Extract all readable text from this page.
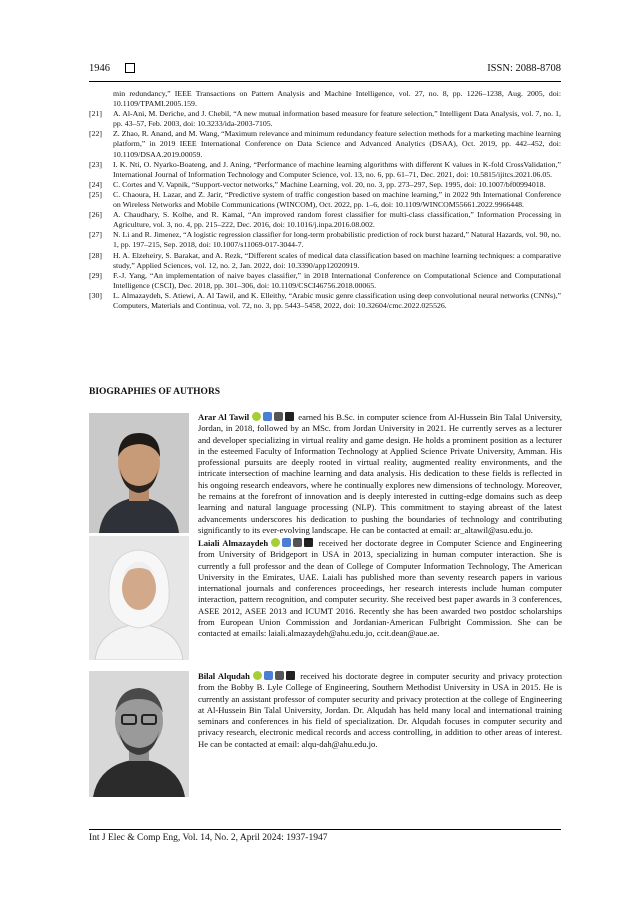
1946	ISSN: 2088-8708
min redundancy,” IEEE Transactions on Pattern Analysis and Machine Intelligence, vol. 27, no. 8, pp. 1226–1238, Aug. 2005, doi: 10.1109/TPAMI.2005.159.
[21] A. Al-Ani, M. Deriche, and J. Chebil, “A new mutual information based measure for feature selection,” Intelligent Data Analysis, vol. 7, no. 1, pp. 43–57, Feb. 2003, doi: 10.3233/ida-2003-7105.
[22] Z. Zhao, R. Anand, and M. Wang, “Maximum relevance and minimum redundancy feature selection methods for a marketing machine learning platform,” in 2019 IEEE International Conference on Data Science and Advanced Analytics (DSAA), Oct. 2019, pp. 442–452, doi: 10.1109/DSAA.2019.00059.
[23] I. K. Nti, O. Nyarko-Boateng, and J. Aning, “Performance of machine learning algorithms with different K values in K-fold CrossValidation,” International Journal of Information Technology and Computer Science, vol. 13, no. 6, pp. 61–71, Dec. 2021, doi: 10.5815/ijitcs.2021.06.05.
[24] C. Cortes and V. Vapnik, “Support-vector networks,” Machine Learning, vol. 20, no. 3, pp. 273–297, Sep. 1995, doi: 10.1007/bf00994018.
[25] C. Chaoura, H. Lazar, and Z. Jarir, “Predictive system of traffic congestion based on machine learning,” in 2022 9th International Conference on Wireless Networks and Mobile Communications (WINCOM), Oct. 2022, pp. 1–6, doi: 10.1109/WINCOM55661.2022.9966448.
[26] A. Chaudhary, S. Kolhe, and R. Kamal, “An improved random forest classifier for multi-class classification,” Information Processing in Agriculture, vol. 3, no. 4, pp. 215–222, Dec. 2016, doi: 10.1016/j.inpa.2016.08.002.
[27] N. Li and R. Jimenez, “A logistic regression classifier for long-term probabilistic prediction of rock burst hazard,” Natural Hazards, vol. 90, no. 1, pp. 197–215, Sep. 2018, doi: 10.1007/s11069-017-3044-7.
[28] H. A. Elzeheiry, S. Barakat, and A. Rezk, “Different scales of medical data classification based on machine learning techniques: a comparative study,” Applied Sciences, vol. 12, no. 2, Jan. 2022, doi: 10.3390/app12020919.
[29] F.-J. Yang, “An implementation of naive bayes classifier,” in 2018 International Conference on Computational Science and Computational Intelligence (CSCI), Dec. 2018, pp. 301–306, doi: 10.1109/CSCI46756.2018.00065.
[30] L. Almazaydeh, S. Atiewi, A. Al Tawil, and K. Elleithy, “Arabic music genre classification using deep convolutional neural networks (CNNs),” Computers, Materials and Continua, vol. 72, no. 3, pp. 5443–5458, 2022, doi: 10.32604/cmc.2022.025526.
BIOGRAPHIES OF AUTHORS
Arar Al Tawil	earned his B.Sc. in computer science from Al-Hussein Bin Talal University, Jordan, in 2018, followed by an MSc. from Jordan University in 2021. He currently serves as a lecturer and developer specializing in virtual reality and game design. He holds a prominent position as a lecturer in the esteemed Faculty of Information Technology at Applied Science Private University, Amman. His professional pursuits are deeply rooted in virtual reality, augmented reality environments, and the intricate intersection of machine learning and data analysis. His dedication to these fields is reflected in his ongoing research endeavors, where he continually explores new dimensions of technology. Moreover, he remains at the forefront of innovation and is deeply interested in cutting-edge domains such as deep learning and natural language processing (NLP). This commitment to staying abreast of the latest advancements underscores his dedication to pushing the boundaries of technology and contributing significantly to its ever-evolving landscape. He can be contacted at email: ar_altawil@asu.edu.jo.
Laiali Almazaydeh	received her doctorate degree in Computer Science and Engineering from University of Bridgeport in USA in 2013, specializing in human computer interaction. She is currently a full professor and the dean of College of Computer Information Technology, The American University in the Emirates, UAE. Laiali has published more than seventy research papers in various international journals and conferences proceedings, her research interests include human computer interaction, pattern recognition, and computer security. She received best paper awards in 3 conferences, ASEE 2012, ASEE 2013 and ICUMT 2016. Recently she has been awarded two postdoc scholarships from European Union Commission and Jordanian-American Fulbright Commission. She can be contacted at emails: laiali.almazaydeh@ahu.edu.jo, ccit.dean@aue.ae.
Bilal Alqudah	received his doctorate degree in computer security and privacy protection from the Bobby B. Lyle College of Engineering, Southern Methodist University in USA in 2015. He is currently an assistant professor of computer security and privacy protection at the college of Engineering at Al-Hussein Bin Talal University, Jordan. Dr. Alqudah has held many local and international training seminars and conferences in his field of specialization. Dr. Alqudah focuses in computer security and privacy research, electronic medical records and access controlling, in addition to other areas of interest. He can be contacted at email: alqu-dah@ahu.edu.jo.
Int J Elec & Comp Eng, Vol. 14, No. 2, April 2024: 1937-1947
